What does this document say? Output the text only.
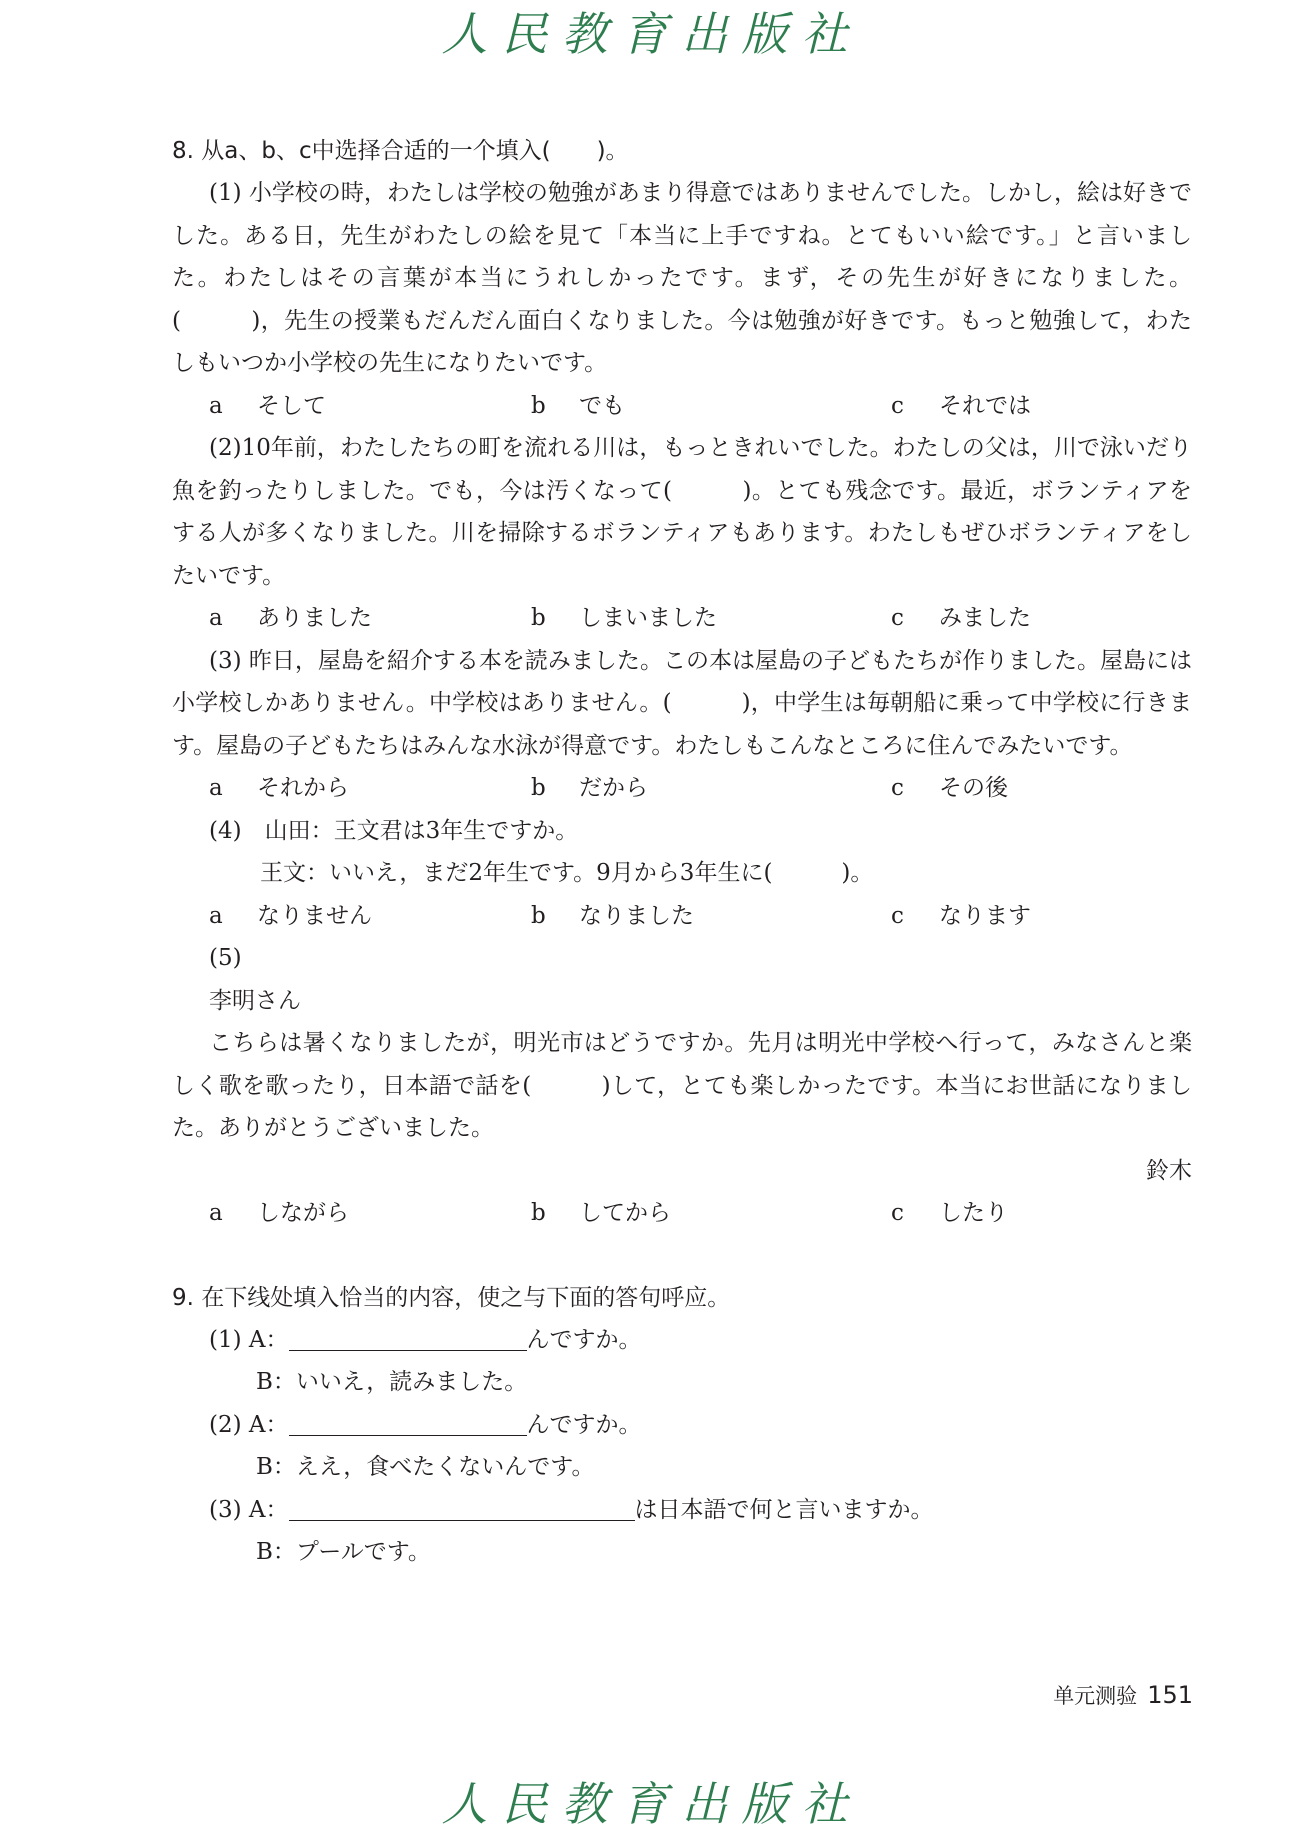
人民教育出版社

8. 从a、b、c中选择合适的一个填入(　　)。

(1) 小学校の時，わたしは学校の勉強があまり得意ではありませんでした。しかし，絵は好きでした。ある日，先生がわたしの絵を見て「本当に上手ですね。とてもいい絵です。」と言いました。わたしはその言葉が本当にうれしかったです。まず，その先生が好きになりました。(　　　)，先生の授業もだんだん面白くなりました。今は勉強が好きです。もっと勉強して，わたしもいつか小学校の先生になりたいです。

a	そして	b	でも	c	それでは

(2)10年前，わたしたちの町を流れる川は，もっときれいでした。わたしの父は，川で泳いだり魚を釣ったりしました。でも，今は汚くなって(　　　)。とても残念です。最近，ボランティアをする人が多くなりました。川を掃除するボランティアもあります。わたしもぜひボランティアをしたいです。

a	ありました	b	しまいました	c	みました

(3) 昨日，屋島を紹介する本を読みました。この本は屋島の子どもたちが作りました。屋島には小学校しかありません。中学校はありません。(　　　)，中学生は毎朝船に乗って中学校に行きます。屋島の子どもたちはみんな水泳が得意です。わたしもこんなところに住んでみたいです。

a	それから	b	だから	c	その後

(4)　山田：王文君は3年生ですか。

王文：いいえ，まだ2年生です。9月から3年生に(　　　)。

a	なりません	b	なりました	c	なります

(5)

李明さん

こちらは暑くなりましたが，明光市はどうですか。先月は明光中学校へ行って，みなさんと楽しく歌を歌ったり，日本語で話を(　　　)して，とても楽しかったです。本当にお世話になりました。ありがとうございました。

鈴木

a	しながら	b	してから	c	したり

9. 在下线处填入恰当的内容，使之与下面的答句呼应。

(1) A：	んですか。

B：いいえ，読みました。

(2) A：	んですか。

B：ええ，食べたくないんです。

(3) A：	は日本語で何と言いますか。

B：プールです。

单元测验 151
人民教育出版社
